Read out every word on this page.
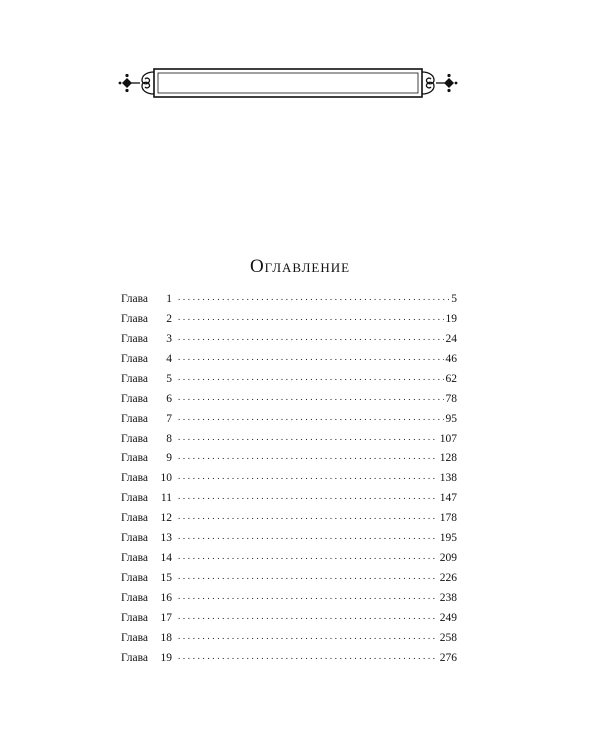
Оглавление
Глава	1 . . .	5
Глава	2 . . .	19
Глава	3 . . .	24
Глава	4 . . .	46
Глава	5 . . .	62
Глава	6 . . .	78
Глава	7 . . .	95
Глава	8 . . .	107
Глава	9 . . .	128
Глава	10 . . .	138
Глава	11 . . .	147
Глава	12 . . .	178
Глава	13 . . .	195
Глава	14 . . .	209
Глава	15 . . .	226
Глава	16 . . .	238
Глава	17 . . .	249
Глава	18 . . .	258
Глава	19 . . .	276
